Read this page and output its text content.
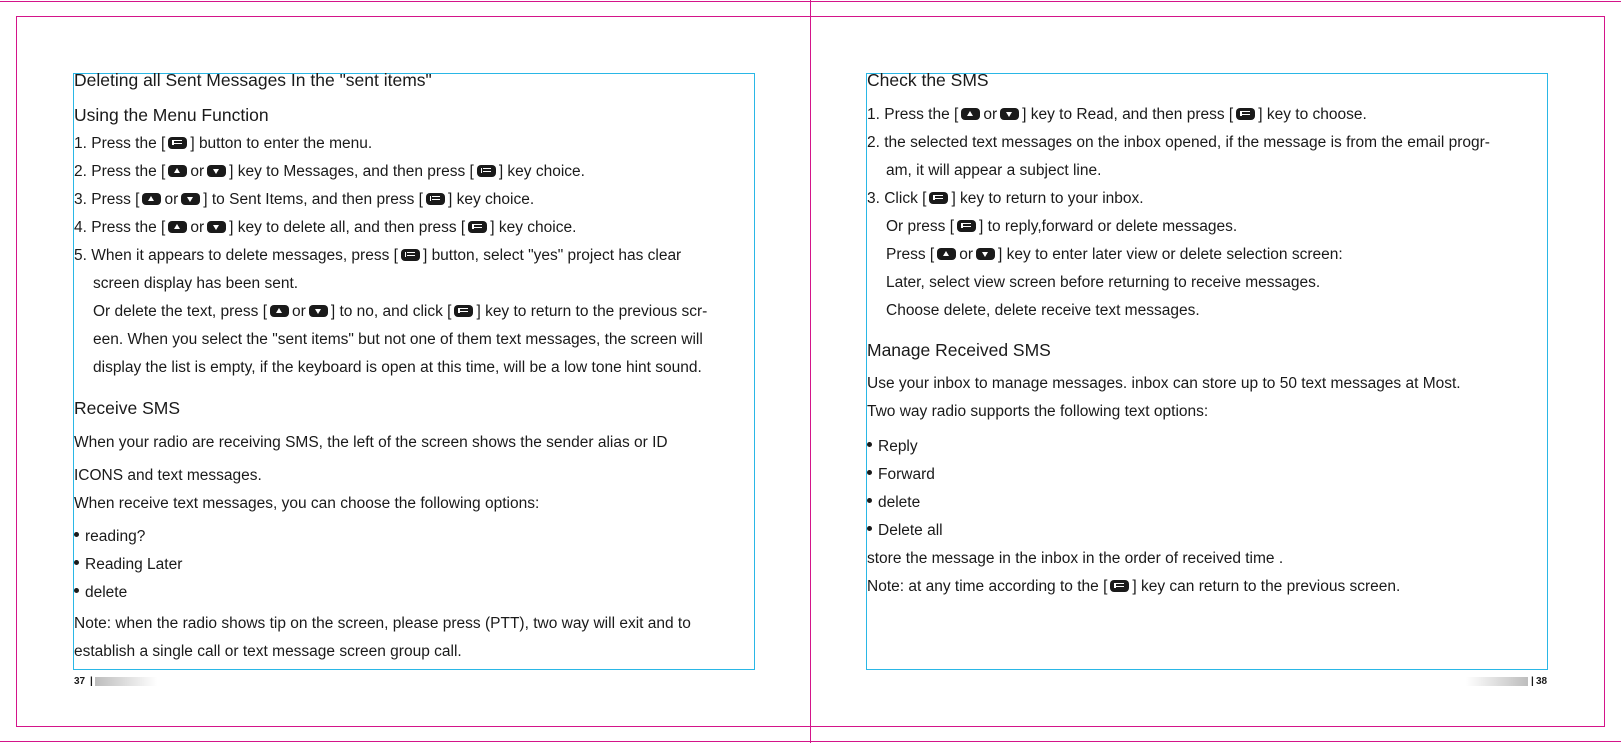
Deleting all Sent Messages In the "sent items"
Using the Menu Function
1. Press the [ ] button to enter the menu.
2. Press the [ or ] key to Messages, and then press [ ] key choice.
3. Press [ or ] to Sent Items, and then press [ ] key choice.
4. Press the [ or ] key to delete all, and then press [ ] key choice.
5. When it appears to delete messages, press [ ] button, select "yes" project has clear
screen display has been sent.
Or delete the text, press [ or ] to no, and click [ ] key to return to the previous scr-
een. When you select the "sent items" but not one of them text messages, the screen will
display the list is empty, if the keyboard is open at this time, will be a low tone hint sound.
Receive SMS
When your radio are receiving SMS, the left of the screen shows the sender alias or ID
ICONS and text messages.
When receive text messages, you can choose the following options:
reading?
Reading Later
delete
Note: when the radio shows tip on the screen, please press (PTT), two way will exit and to
establish a single call or text message screen group call.
37 |
Check the SMS
1. Press the [ or ] key to Read, and then press [ ] key to choose.
2. the selected text messages on the inbox opened, if the message is from the email progr-
am, it will appear a subject line.
3. Click [ ] key to return to your inbox.
Or press [ ] to reply,forward or delete messages.
Press [ or ] key to enter later view or delete selection screen:
Later, select view screen before returning to receive messages.
Choose delete, delete receive text messages.
Manage Received SMS
Use your inbox to manage messages. inbox can store up to 50 text messages at Most.
Two way radio supports the following text options:
Reply
Forward
delete
Delete all
store the message in the inbox in the order of received time .
Note: at any time according to the [ ] key can return to the previous screen.
| 38
